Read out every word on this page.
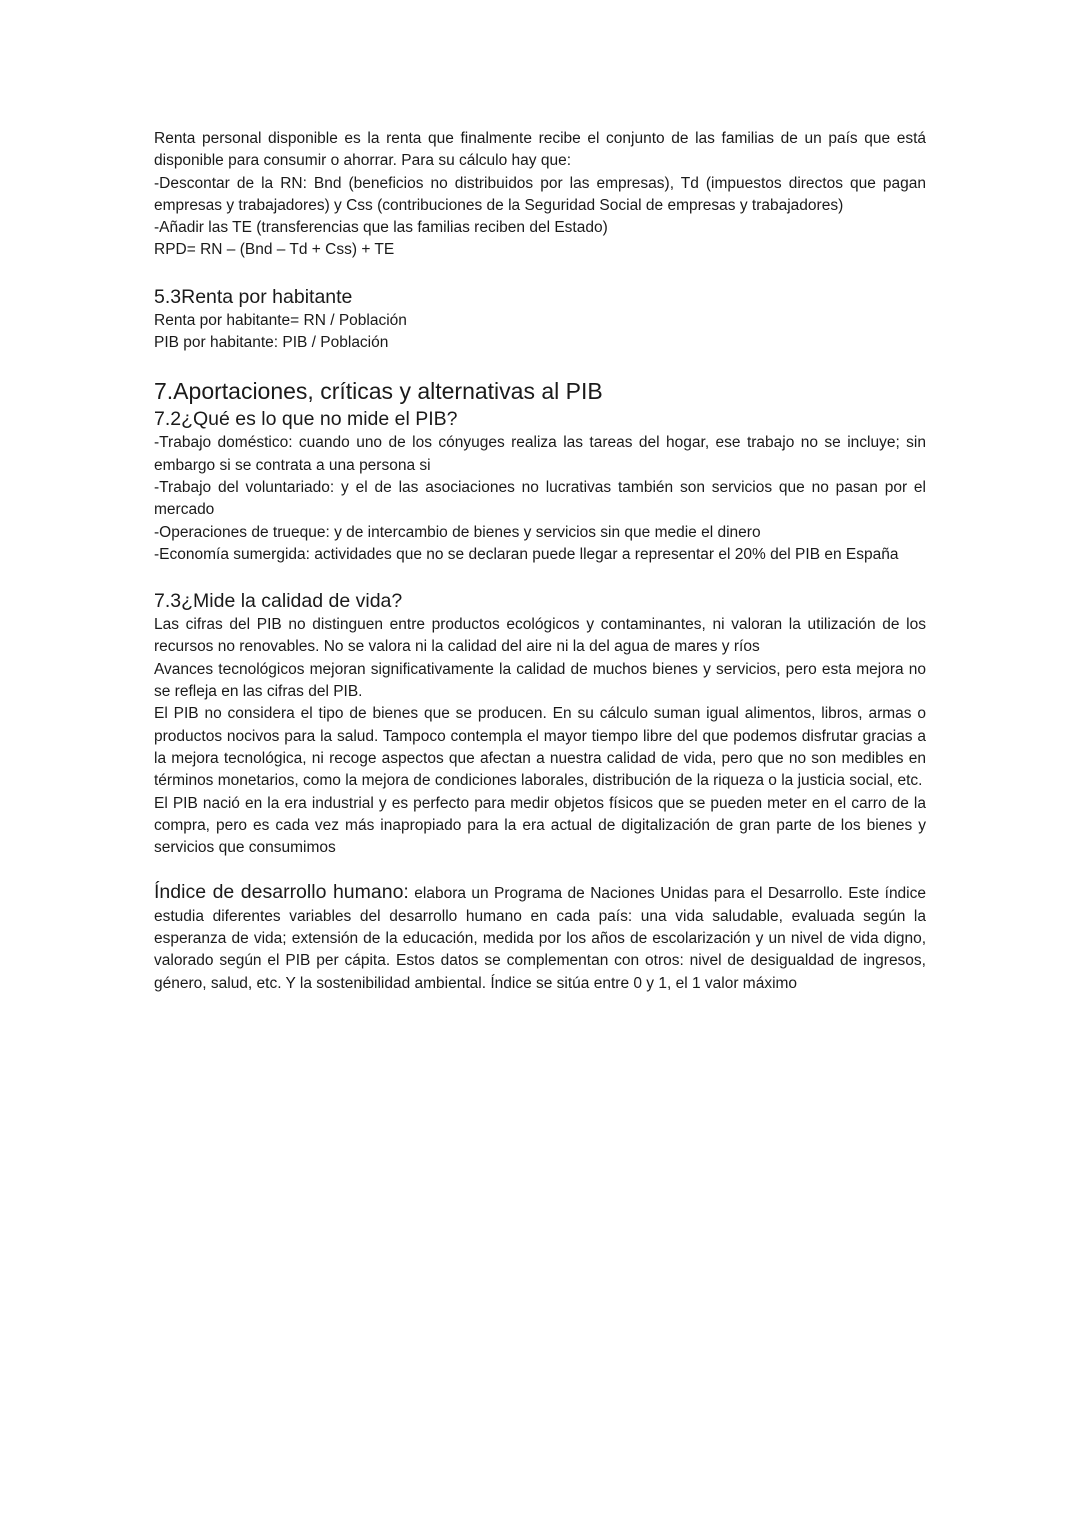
Renta personal disponible es la renta que finalmente recibe el conjunto de las familias de un país que está disponible para consumir o ahorrar. Para su cálculo hay que:

-Descontar de la RN: Bnd (beneficios no distribuidos por las empresas), Td (impuestos directos que pagan empresas y trabajadores) y Css (contribuciones de la Seguridad Social de empresas y trabajadores)

-Añadir las TE (transferencias que las familias reciben del Estado)

RPD= RN – (Bnd – Td + Css) + TE

5.3Renta por habitante

Renta por habitante= RN / Población

PIB por habitante: PIB / Población

7.Aportaciones, críticas y alternativas al PIB
7.2¿Qué es lo que no mide el PIB?

-Trabajo doméstico: cuando uno de los cónyuges realiza las tareas del hogar, ese trabajo no se incluye; sin embargo si se contrata a una persona si

-Trabajo del voluntariado: y el de las asociaciones no lucrativas también son servicios que no pasan por el mercado

-Operaciones de trueque: y de intercambio de bienes y servicios sin que medie el dinero

-Economía sumergida: actividades que no se declaran puede llegar a representar el 20% del PIB en España

7.3¿Mide la calidad de vida?

Las cifras del PIB no distinguen entre productos ecológicos y contaminantes, ni valoran la utilización de los recursos no renovables. No se valora ni la calidad del aire ni la del agua de mares y ríos

Avances tecnológicos mejoran significativamente la calidad de muchos bienes y servicios, pero esta mejora no se refleja en las cifras del PIB.

El PIB no considera el tipo de bienes que se producen. En su cálculo suman igual alimentos, libros, armas o productos nocivos para la salud. Tampoco contempla el mayor tiempo libre del que podemos disfrutar gracias a la mejora tecnológica, ni recoge aspectos que afectan a nuestra calidad de vida, pero que no son medibles en términos monetarios, como la mejora de condiciones laborales, distribución de la riqueza o la justicia social, etc.

El PIB nació en la era industrial y es perfecto para medir objetos físicos que se pueden meter en el carro de la compra, pero es cada vez más inapropiado para la era actual de digitalización de gran parte de los bienes y servicios que consumimos

Índice de desarrollo humano: elabora un Programa de Naciones Unidas para el Desarrollo. Este índice estudia diferentes variables del desarrollo humano en cada país: una vida saludable, evaluada según la esperanza de vida; extensión de la educación, medida por los años de escolarización y un nivel de vida digno, valorado según el PIB per cápita. Estos datos se complementan con otros: nivel de desigualdad de ingresos, género, salud, etc. Y la sostenibilidad ambiental. Índice se sitúa entre 0 y 1, el 1 valor máximo
